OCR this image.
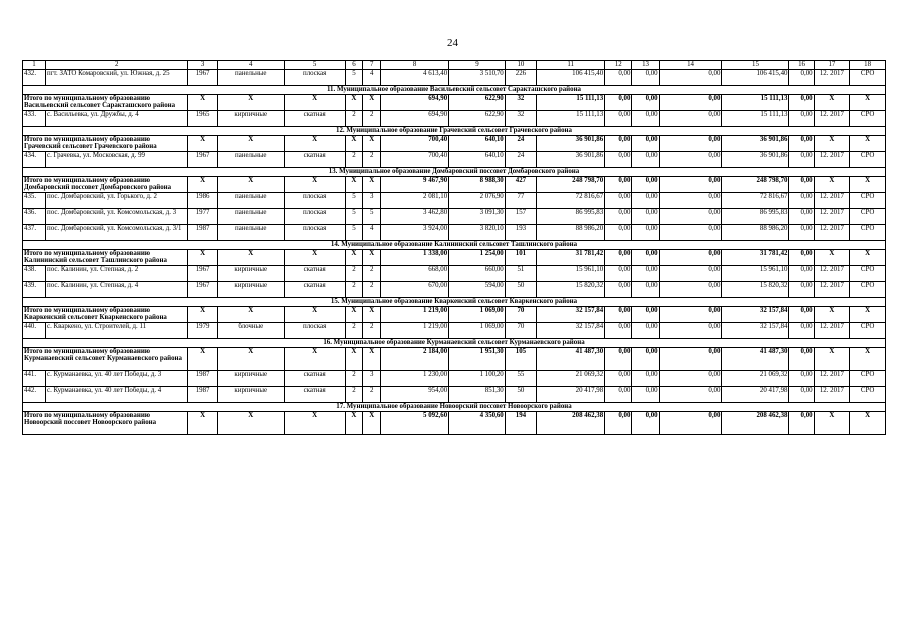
24
1	2	3	4	5	6	7	8	9	10	11	12	13	14	15	16	17	18
432.	пгт. ЗАТО Комаровский, ул. Южная, д. 25	1967	панельные	плоская	5	4	4 613,40	3 510,70	226	106 415,40	0,00	0,00	0,00	106 415,40	0,00	12. 2017	СРО
11. Муниципальное образование Васильевский сельсовет Саракташского района																	
Итого по муниципальному образованию Васильевский сельсовет Саракташского района		X	X	X	X	X	694,90	622,90	32	15 111,13	0,00	0,00	0,00	15 111,13	0,00	X	X
433.	с. Васильевка, ул. Дружбы, д. 4	1965	кирпичные	скатная	2	2	694,90	622,90	32	15 111,13	0,00	0,00	0,00	15 111,13	0,00	12. 2017	СРО
12. Муниципальное образование Грачевский сельсовет Грачевского района																	
Итого по муниципальному образованию Грачевский сельсовет Грачевского района		X	X	X	X	X	700,40	640,10	24	36 901,86	0,00	0,00	0,00	36 901,86	0,00	X	X
434.	с. Грачевка, ул. Московская, д. 99	1967	панельные	скатная	2	2	700,40	640,10	24	36 901,86	0,00	0,00	0,00	36 901,86	0,00	12. 2017	СРО
13. Муниципальное образование Домбаровский поссовет Домбаровского района																	
Итого по муниципальному образованию Домбаровский поссовет Домбаровского района		X	X	X	X	X	9 467,90	8 988,30	427	248 798,70	0,00	0,00	0,00	248 798,70	0,00	X	X
435.	пос. Домбаровский, ул. Горького, д. 2	1986	панельные	плоская	5	3	2 081,10	2 076,90	77	72 816,67	0,00	0,00	0,00	72 816,67	0,00	12. 2017	СРО
436.	пос. Домбаровский, ул. Комсомольская, д. 3	1977	панельные	плоская	5	5	3 462,80	3 091,30	157	86 995,83	0,00	0,00	0,00	86 995,83	0,00	12. 2017	СРО
437.	пос. Домбаровский, ул. Комсомольская, д. 3/1	1987	панельные	плоская	5	4	3 924,00	3 820,10	193	88 986,20	0,00	0,00	0,00	88 986,20	0,00	12. 2017	СРО
14. Муниципальное образование Калининский сельсовет Ташлинского района																	
Итого по муниципальному образованию Калининский сельсовет Ташлинского района		X	X	X	X	X	1 338,00	1 254,00	101	31 781,42	0,00	0,00	0,00	31 781,42	0,00	X	X
438.	пос. Калинин, ул. Степная, д. 2	1967	кирпичные	скатная	2	2	668,00	660,00	51	15 961,10	0,00	0,00	0,00	15 961,10	0,00	12. 2017	СРО
439.	пос. Калинин, ул. Степная, д. 4	1967	кирпичные	скатная	2	2	670,00	594,00	50	15 820,32	0,00	0,00	0,00	15 820,32	0,00	12. 2017	СРО
15. Муниципальное образование Кваркенский сельсовет Кваркенского района																	
Итого по муниципальному образованию Кваркенский сельсовет Кваркенского района		X	X	X	X	X	1 219,00	1 069,00	70	32 157,84	0,00	0,00	0,00	32 157,84	0,00	X	X
440.	с. Кваркено, ул. Строителей, д. 11	1979	блочные	плоская	2	2	1 219,00	1 069,00	70	32 157,84	0,00	0,00	0,00	32 157,84	0,00	12. 2017	СРО
16. Муниципальное образование Курманаевский сельсовет Курманаевского района																	
Итого по муниципальному образованию Курманаевский сельсовет Курманаевского района		X	X	X	X	X	2 184,00	1 951,30	105	41 487,30	0,00	0,00	0,00	41 487,30	0,00	X	X
441.	с. Курманаевка, ул. 40 лет Победы, д. 3	1987	кирпичные	скатная	2	3	1 230,00	1 100,20	55	21 069,32	0,00	0,00	0,00	21 069,32	0,00	12. 2017	СРО
442.	с. Курманаевка, ул. 40 лет Победы, д. 4	1987	кирпичные	скатная	2	2	954,00	851,30	50	20 417,98	0,00	0,00	0,00	20 417,98	0,00	12. 2017	СРО
17. Муниципальное образование Новоорский поссовет Новоорского района																	
Итого по муниципальному образованию Новоорский поссовет Новоорского района		X	X	X	X	X	5 092,60	4 350,60	194	208 462,38	0,00	0,00	0,00	208 462,38	0,00	X	X
